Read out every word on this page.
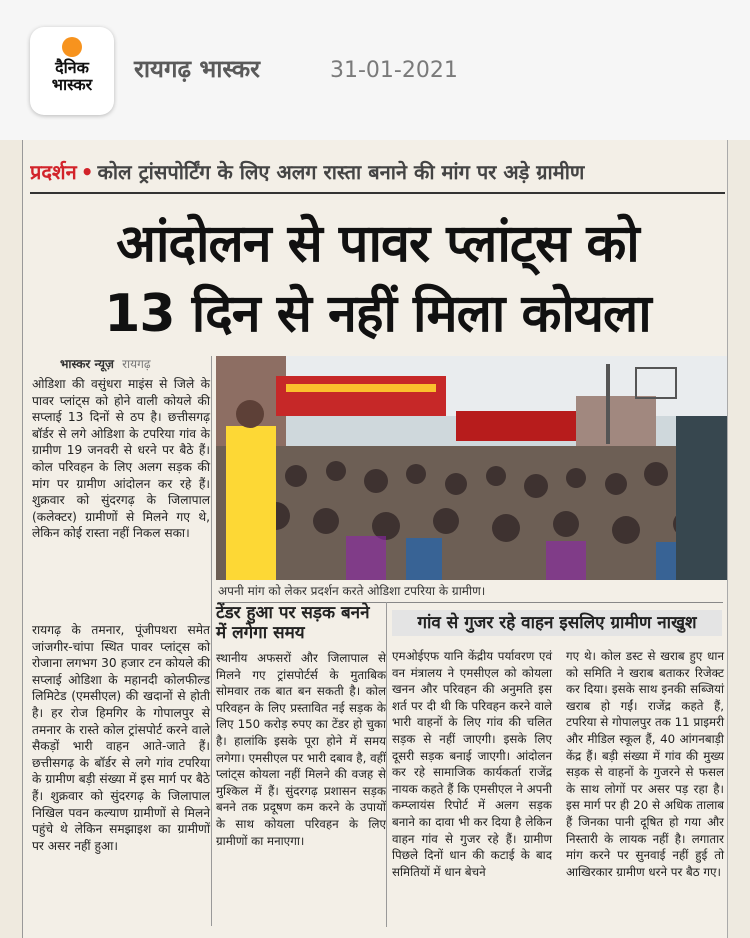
दैनिक
भास्कर
रायगढ़ भास्कर	31-01-2021
प्रदर्शन • कोल ट्रांसपोर्टिंग के लिए अलग रास्ता बनाने की मांग पर अड़े ग्रामीण
आंदोलन से पावर प्लांट्स को
13 दिन से नहीं मिला कोयला
भास्कर न्यूज़ रायगढ़
ओडिशा की वसुंधरा माइंस से जिले के पावर प्लांट्स को होने वाली कोयले की सप्लाई 13 दिनों से ठप है। छत्तीसगढ़ बॉर्डर से लगे ओडिशा के टपरिया गांव के ग्रामीण 19 जनवरी से धरने पर बैठे हैं। कोल परिवहन के लिए अलग सड़क की मांग पर ग्रामीण आंदोलन कर रहे हैं। शुक्रवार को सुंदरगढ़ के जिलापाल (कलेक्टर) ग्रामीणों से मिलने गए थे, लेकिन कोई रास्ता नहीं निकल सका।
रायगढ़ के तमनार, पूंजीपथरा समेत जांजगीर-चांपा स्थित पावर प्लांट्स को रोजाना लगभग 30 हजार टन कोयले की सप्लाई ओडिशा के महानदी कोलफील्ड लिमिटेड (एमसीएल) की खदानों से होती है। हर रोज हिमगिर के गोपालपुर से तमनार के रास्ते कोल ट्रांसपोर्ट करने वाले सैकड़ों भारी वाहन आते-जाते हैं। छत्तीसगढ़ के बॉर्डर से लगे गांव टपरिया के ग्रामीण बड़ी संख्या में इस मार्ग पर बैठे हैं। शुक्रवार को सुंदरगढ़ के जिलापाल निखिल पवन कल्याण ग्रामीणों से मिलने पहुंचे थे लेकिन समझाइश का ग्रामीणों पर असर नहीं हुआ।
अपनी मांग को लेकर प्रदर्शन करते ओडिशा टपरिया के ग्रामीण।
टेंडर हुआ पर सड़क बनने में लगेगा समय
स्थानीय अफसरों और जिलापाल से मिलने गए ट्रांसपोर्टर्स के मुताबिक सोमवार तक बात बन सकती है। कोल परिवहन के लिए प्रस्तावित नई सड़क के लिए 150 करोड़ रुपए का टेंडर हो चुका है। हालांकि इसके पूरा होने में समय लगेगा। एमसीएल पर भारी दबाव है, वहीं प्लांट्स कोयला नहीं मिलने की वजह से मुश्किल में हैं। सुंदरगढ़ प्रशासन सड़क बनने तक प्रदूषण कम करने के उपायों के साथ कोयला परिवहन के लिए ग्रामीणों का मनाएगा।
गांव से गुजर रहे वाहन इसलिए ग्रामीण नाखुश
एमओईएफ यानि केंद्रीय पर्यावरण एवं वन मंत्रालय ने एमसीएल को कोयला खनन और परिवहन की अनुमति इस शर्त पर दी थी कि परिवहन करने वाले भारी वाहनों के लिए गांव की चलित सड़क से नहीं जाएगी। इसके लिए दूसरी सड़क बनाई जाएगी। आंदोलन कर रहे सामाजिक कार्यकर्ता राजेंद्र नायक कहते हैं कि एमसीएल ने अपनी कम्प्लायंस रिपोर्ट में अलग सड़क बनाने का दावा भी कर दिया है लेकिन वाहन गांव से गुजर रहे हैं। ग्रामीण पिछले दिनों धान की कटाई के बाद समितियों में धान बेचने
गए थे। कोल डस्ट से खराब हुए धान को समिति ने खराब बताकर रिजेक्ट कर दिया। इसके साथ इनकी सब्जियां खराब हो गईं। राजेंद्र कहते हैं, टपरिया से गोपालपुर तक 11 प्राइमरी और मीडिल स्कूल हैं, 40 आंगनबाड़ी केंद्र हैं। बड़ी संख्या में गांव की मुख्य सड़क से वाहनों के गुजरने से फसल के साथ लोगों पर असर पड़ रहा है। इस मार्ग पर ही 20 से अधिक तालाब हैं जिनका पानी दूषित हो गया और निस्तारी के लायक नहीं है। लगातार मांग करने पर सुनवाई नहीं हुई तो आखिरकार ग्रामीण धरने पर बैठ गए।
